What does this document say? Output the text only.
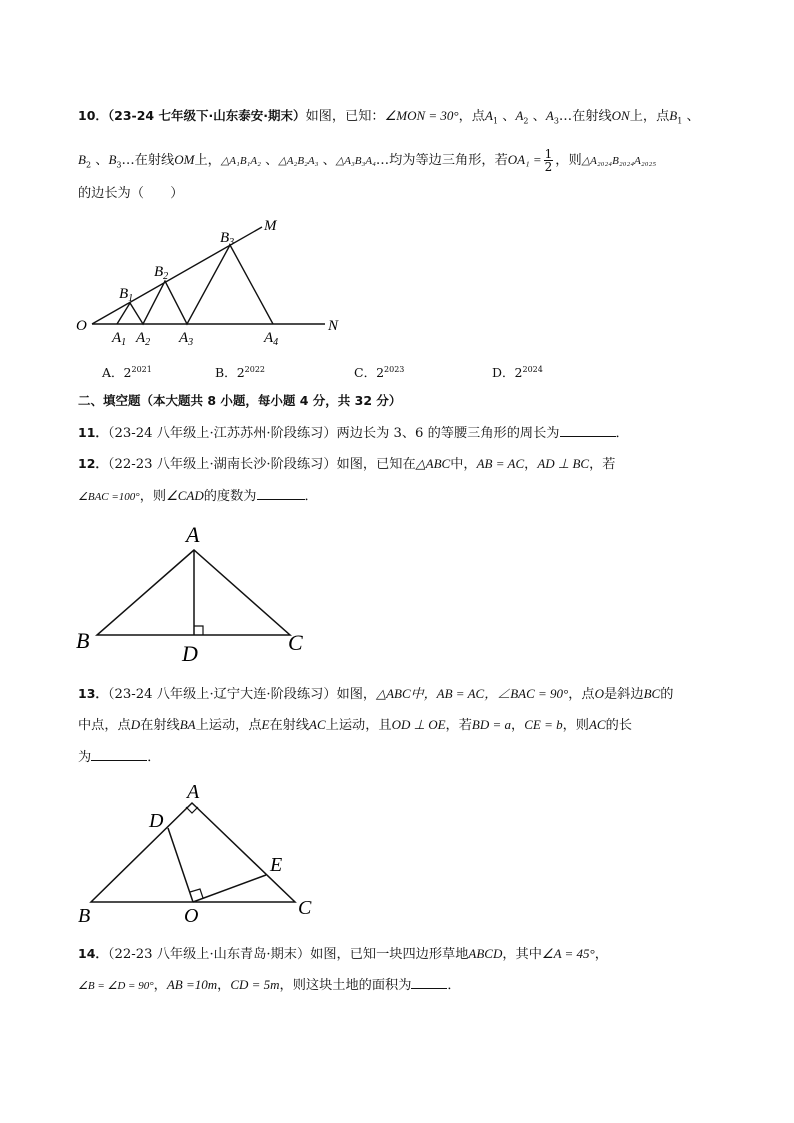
10．（23-24 七年级下·山东泰安·期末）如图，已知：∠MON = 30°，点$A_1$ 、$A_2$ 、$A_3\dots$在射线ON上，点$B_1$ 、
$B_2$ 、$B_3\dots$在射线OM上，△A₁B₁A₂ 、△A₂B₂A₃ 、△A₃B₃A₄…均为等边三角形，若$OA_1 = \frac{1}{2}$ ，则△A₂₀₂₄B₂₀₂₄A₂₀₂₅
的边长为（　　）
O	N
M
$A_1$ $A_2$ $A_3$	$A_4$
$B_1$
$B_2$
$B_3$
A．$2^{2021}$	B．$2^{2022}$	C．$2^{2023}$	D．$2^{2024}$
二、填空题（本大题共 8 小题，每小题 4 分，共 32 分）
11．（23-24 八年级上·江苏苏州·阶段练习）两边长为 3、6 的等腰三角形的周长为	．
12．（22-23 八年级上·湖南长沙·阶段练习）如图，已知在△ABC中，AB = AC，AD ⊥ BC，若
∠BAC =100°，则∠CAD的度数为	．
A
B	C
D
13．（23-24 八年级上·辽宁大连·阶段练习）如图，△ABC中，AB = AC，∠BAC = 90°，点O是斜边BC的
中点，点D在射线BA上运动，点E在射线AC上运动，且OD ⊥ OE，若BD = a，CE = b，则AC的长
为	．
A
D
E
B	O	C
14．（22-23 八年级上·山东青岛·期末）如图，已知一块四边形草地ABCD，其中∠A = 45°，
∠B = ∠D = 90°，AB =10m，CD = 5m，则这块土地的面积为	．
